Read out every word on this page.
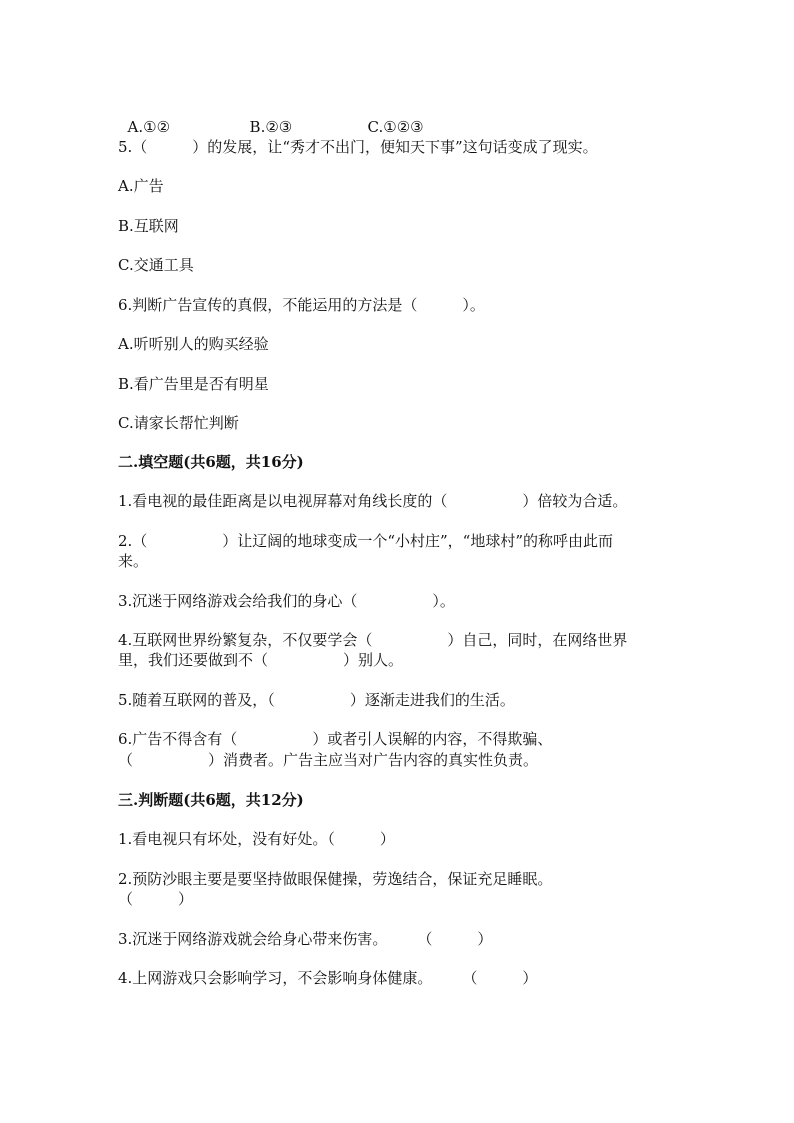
A.①②	B.②③	C.①②③

5.（　　　）的发展，让“秀才不出门，便知天下事”这句话变成了现实。
A.广告
B.互联网
C.交通工具
6.判断广告宣传的真假，不能运用的方法是（　　　）。
A.听听别人的购买经验
B.看广告里是否有明星
C.请家长帮忙判断
二.填空题(共6题，共16分)
1.看电视的最佳距离是以电视屏幕对角线长度的（　　　　　）倍较为合适。
2.（　　　　　）让辽阔的地球变成一个“小村庄”，“地球村”的称呼由此而
来。
3.沉迷于网络游戏会给我们的身心（　　　　　）。
4.互联网世界纷繁复杂，不仅要学会（　　　　　）自己，同时，在网络世界
里，我们还要做到不（　　　　　）别人。
5.随着互联网的普及，（　　　　　）逐渐走进我们的生活。
6.广告不得含有（　　　　　）或者引人误解的内容，不得欺骗、
（　　　　　）消费者。广告主应当对广告内容的真实性负责。
三.判断题(共6题，共12分)
1.看电视只有坏处，没有好处。（　　　）
2.预防沙眼主要是要坚持做眼保健操，劳逸结合，保证充足睡眠。
（　　　）
3.沉迷于网络游戏就会给身心带来伤害。　　　（　　　）
4.上网游戏只会影响学习，不会影响身体健康。　　　（　　　）
